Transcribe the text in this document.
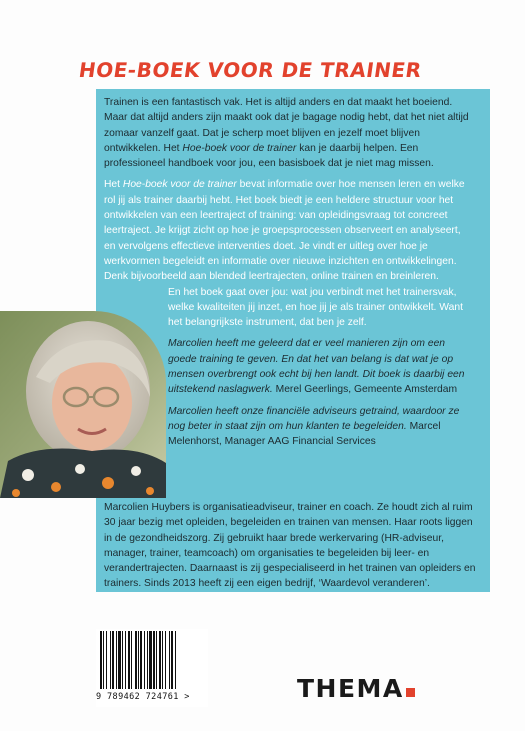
HOE-BOEK VOOR DE TRAINER

Trainen is een fantastisch vak. Het is altijd anders en dat maakt het boeiend. Maar dat altijd anders zijn maakt ook dat je bagage nodig hebt, dat het niet altijd zomaar vanzelf gaat. Dat je scherp moet blijven en jezelf moet blijven ontwikkelen. Het Hoe-boek voor de trainer kan je daarbij helpen. Een professioneel handboek voor jou, een basisboek dat je niet mag missen.

Het Hoe-boek voor de trainer bevat informatie over hoe mensen leren en welke rol jij als trainer daarbij hebt. Het boek biedt je een heldere structuur voor het ontwikkelen van een leertraject of training: van opleidingsvraag tot concreet leertraject. Je krijgt zicht op hoe je groepsprocessen observeert en analyseert, en vervolgens effectieve interventies doet. Je vindt er uitleg over hoe je werkvormen begeleidt en informatie over nieuwe inzichten en ontwikkelingen. Denk bijvoorbeeld aan blended leertrajecten, online trainen en breinleren.

En het boek gaat over jou: wat jou verbindt met het trainersvak, welke kwaliteiten jij inzet, en hoe jij je als trainer ontwikkelt. Want het belangrijkste instrument, dat ben je zelf.

Marcolien heeft me geleerd dat er veel manieren zijn om een goede training te geven. En dat het van belang is dat wat je op mensen overbrengt ook echt bij hen landt. Dit boek is daarbij een uitstekend naslagwerk. Merel Geerlings, Gemeente Amsterdam

Marcolien heeft onze financiële adviseurs getraind, waardoor ze nog beter in staat zijn om hun klanten te begeleiden. Marcel Melenhorst, Manager AAG Financial Services

Marcolien Huybers is organisatieadviseur, trainer en coach. Ze houdt zich al ruim 30 jaar bezig met opleiden, begeleiden en trainen van mensen. Haar roots liggen in de gezondheidszorg. Zij gebruikt haar brede werkervaring (HR-adviseur, manager, trainer, teamcoach) om organisaties te begeleiden bij leer- en verandertrajecten. Daarnaast is zij gespecialiseerd in het trainen van opleiders en trainers. Sinds 2013 heeft zij een eigen bedrijf, ‘Waardevol veranderen’.
9 789462 724761 >	THEMA
